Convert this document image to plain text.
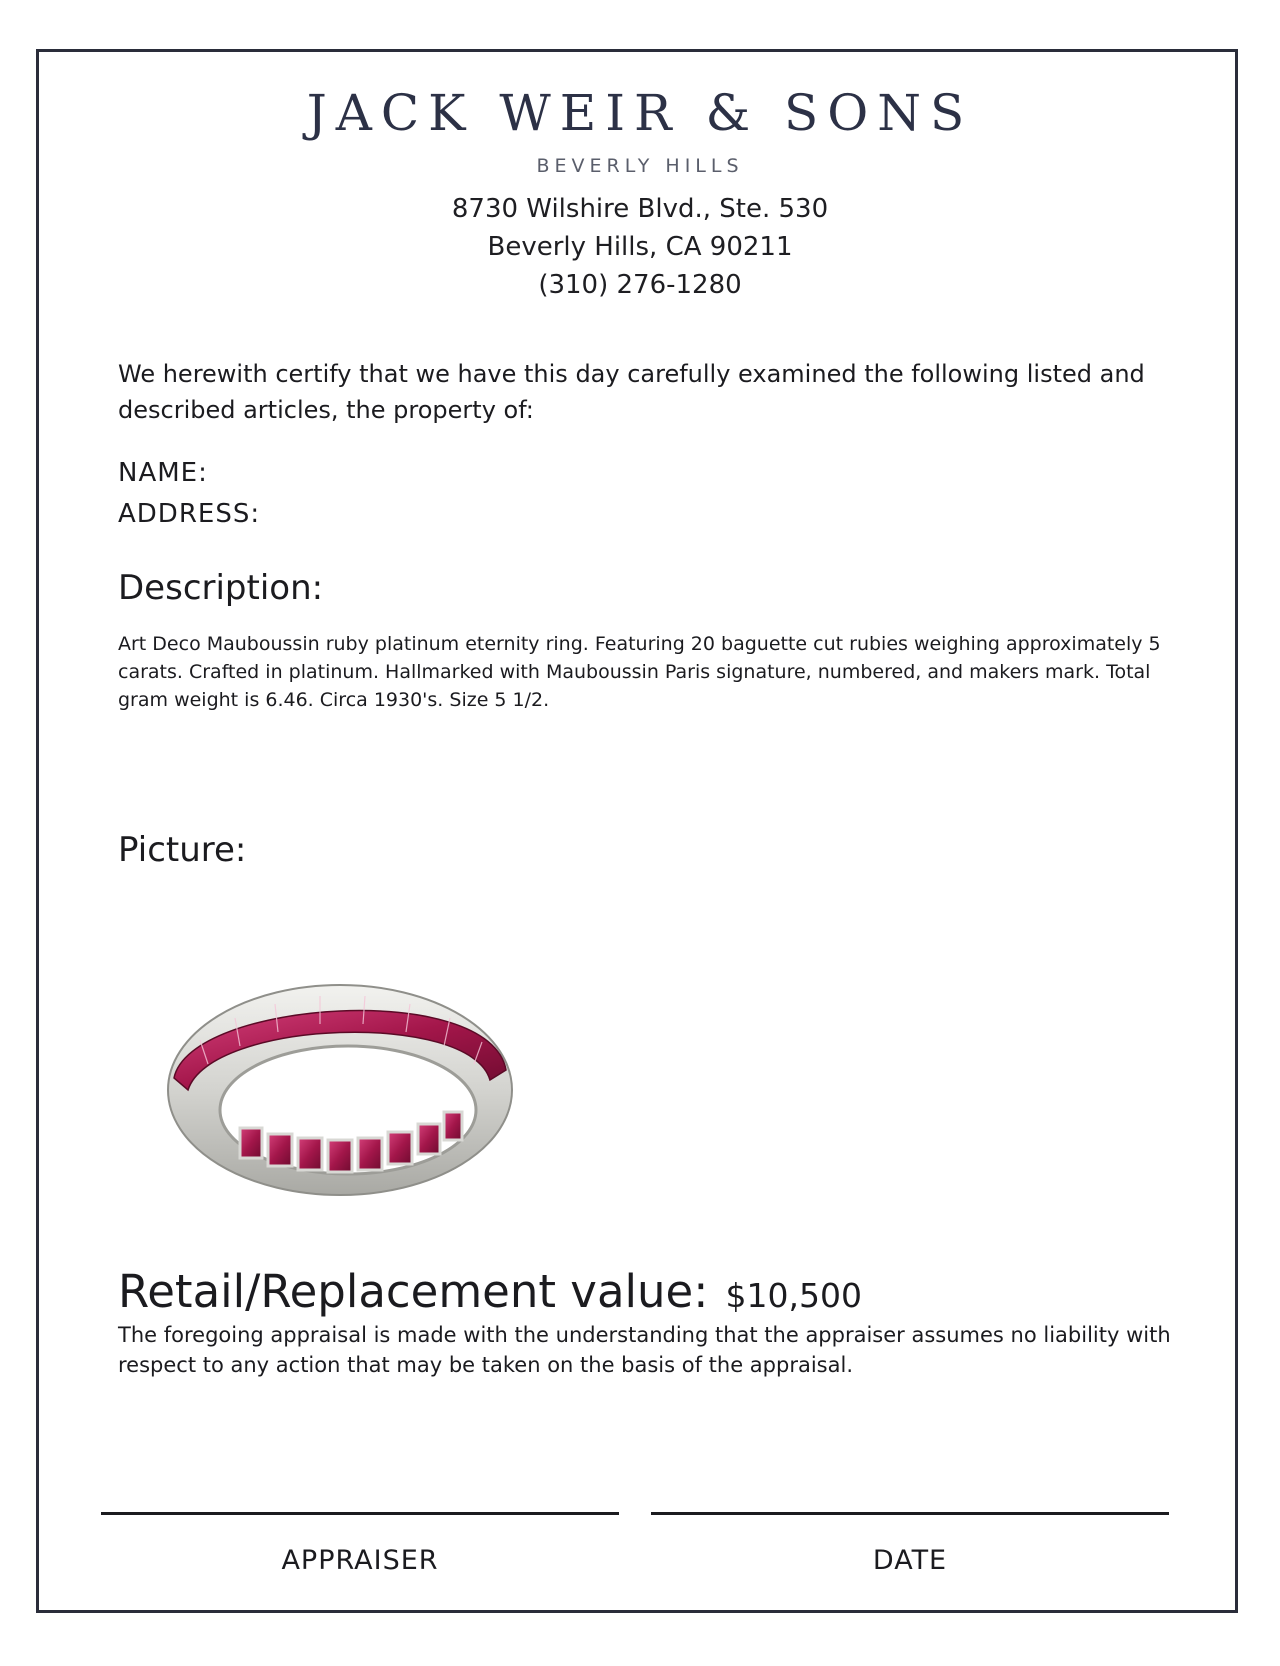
JACK WEIR & SONS
BEVERLY HILLS
8730 Wilshire Blvd., Ste. 530
Beverly Hills, CA 90211
(310) 276-1280
We herewith certify that we have this day carefully examined the following listed and described articles, the property of:
NAME:
ADDRESS:
Description:
Art Deco Mauboussin ruby platinum eternity ring. Featuring 20 baguette cut rubies weighing approximately 5 carats. Crafted in platinum. Hallmarked with Mauboussin Paris signature, numbered, and makers mark. Total gram weight is 6.46. Circa 1930's. Size 5 1/2.
Picture:
Retail/Replacement value: $10,500
The foregoing appraisal is made with the understanding that the appraiser assumes no liability with respect to any action that may be taken on the basis of the appraisal.
APPRAISER	DATE
